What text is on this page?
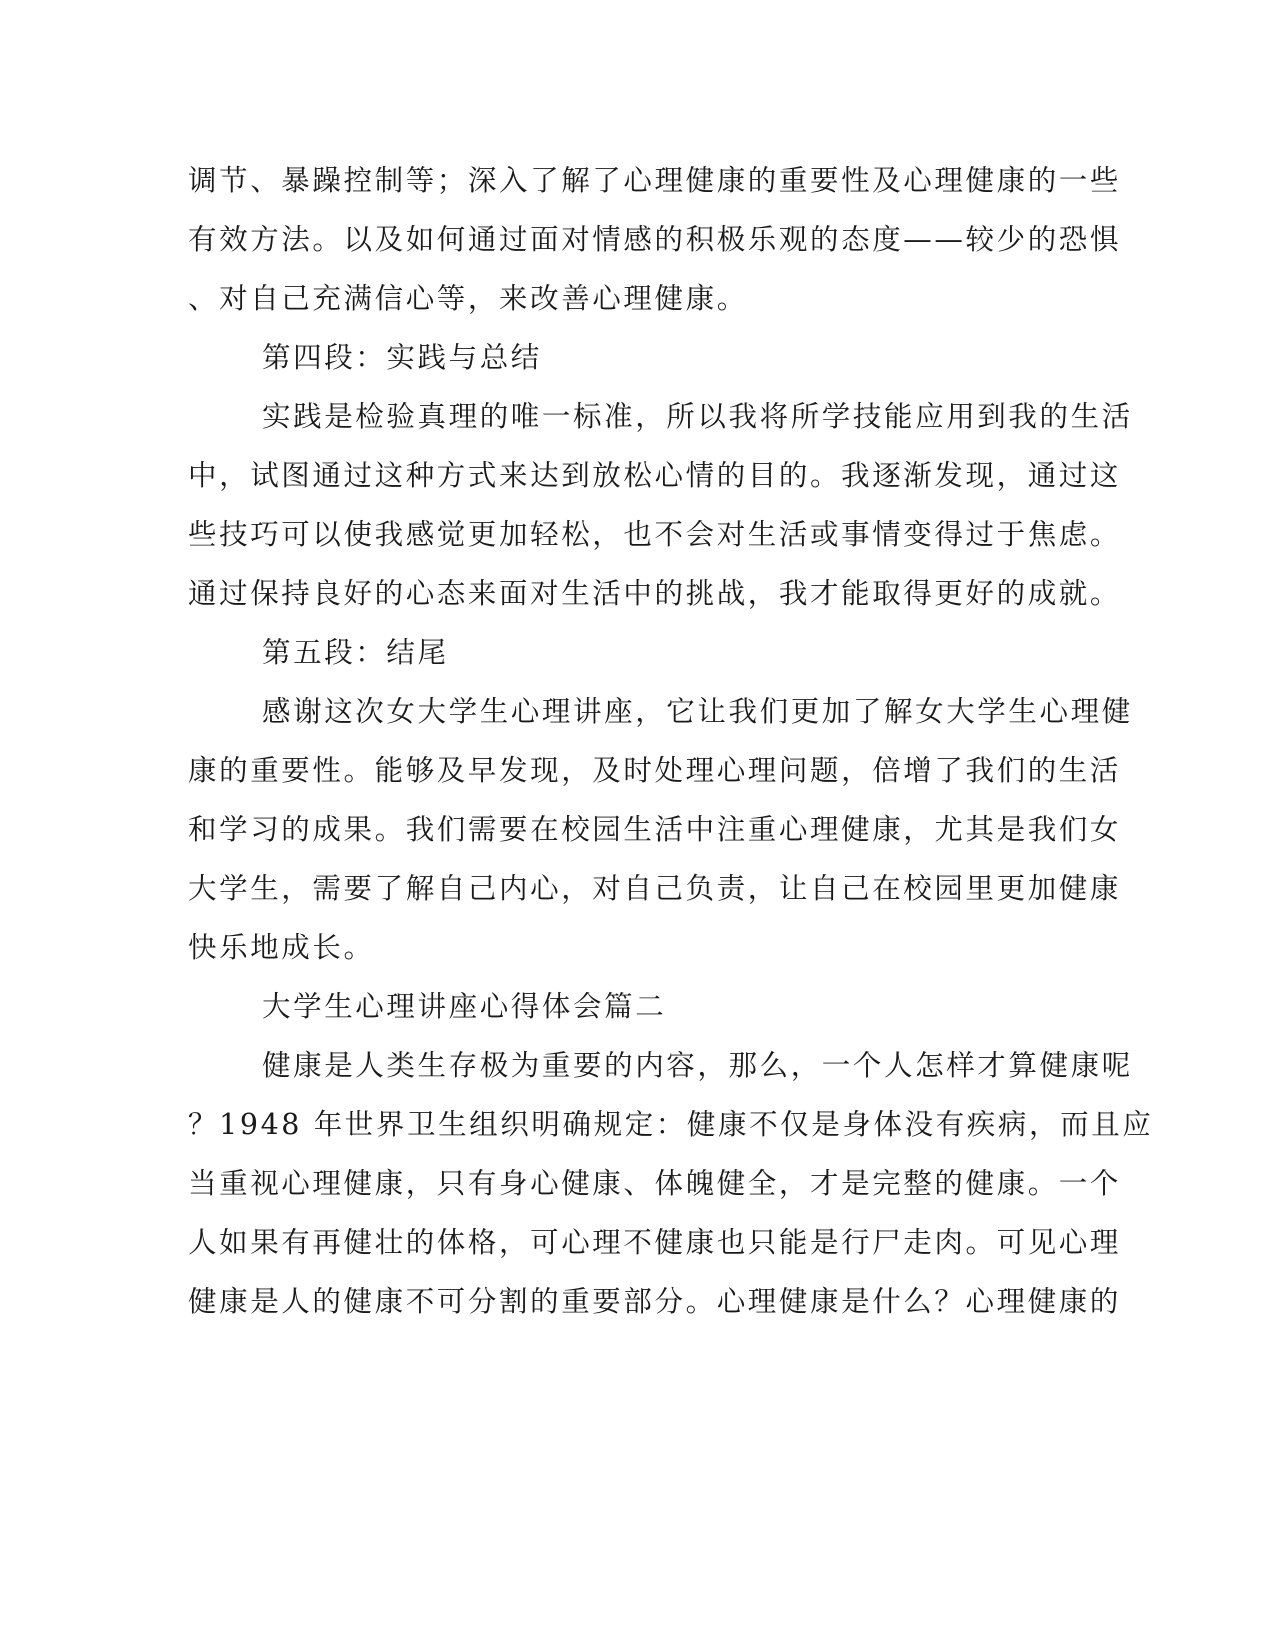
调节、暴躁控制等；深入了解了心理健康的重要性及心理健康的一些
有效方法。以及如何通过面对情感的积极乐观的态度——较少的恐惧
、对自己充满信心等，来改善心理健康。
第四段：实践与总结
实践是检验真理的唯一标准，所以我将所学技能应用到我的生活
中，试图通过这种方式来达到放松心情的目的。我逐渐发现，通过这
些技巧可以使我感觉更加轻松，也不会对生活或事情变得过于焦虑。
通过保持良好的心态来面对生活中的挑战，我才能取得更好的成就。
第五段：结尾
感谢这次女大学生心理讲座，它让我们更加了解女大学生心理健
康的重要性。能够及早发现，及时处理心理问题，倍增了我们的生活
和学习的成果。我们需要在校园生活中注重心理健康，尤其是我们女
大学生，需要了解自己内心，对自己负责，让自己在校园里更加健康
快乐地成长。
大学生心理讲座心得体会篇二
健康是人类生存极为重要的内容，那么，一个人怎样才算健康呢
？1948 年世界卫生组织明确规定：健康不仅是身体没有疾病，而且应
当重视心理健康，只有身心健康、体魄健全，才是完整的健康。一个
人如果有再健壮的体格，可心理不健康也只能是行尸走肉。可见心理
健康是人的健康不可分割的重要部分。心理健康是什么？心理健康的
